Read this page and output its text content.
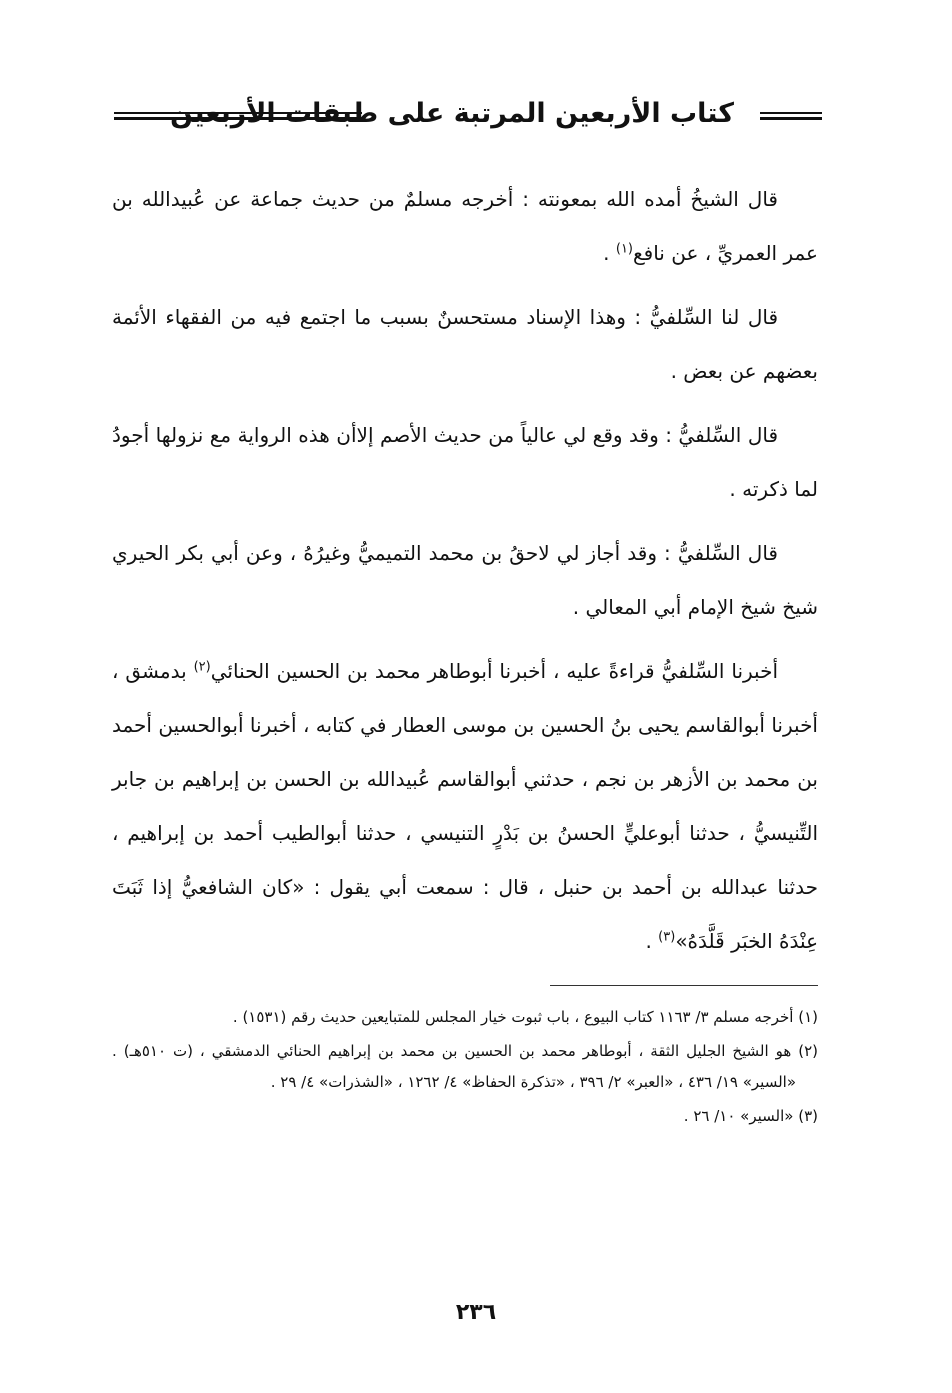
كتاب الأربعين المرتبة على طبقات الأربعين

قال الشيخُ أمده الله بمعونته : أخرجه مسلمٌ من حديث جماعة عن عُبيدالله بن عمر العمريِّ ، عن نافع$^{(١)}$ .

قال لنا السِّلفيُّ : وهذا الإسناد مستحسنٌ بسبب ما اجتمع فيه من الفقهاء الأئمة بعضهم عن بعض .

قال السِّلفيُّ : وقد وقع لي عالياً من حديث الأصم إلاأن هذه الرواية مع نزولها أجودُ لما ذكرته .

قال السِّلفيُّ : وقد أجاز لي لاحقُ بن محمد التميميُّ وغيرُهُ ، وعن أبي بكر الحيري شيخ شيخ الإمام أبي المعالي .

أخبرنا السِّلفيُّ قراءةً عليه ، أخبرنا أبوطاهر محمد بن الحسين الحنائي$^{(٢)}$ بدمشق ، أخبرنا أبوالقاسم يحيى بنُ الحسين بن موسى العطار في كتابه ، أخبرنا أبوالحسين أحمد بن محمد بن الأزهر بن نجم ، حدثني أبوالقاسم عُبيدالله بن الحسن بن إبراهيم بن جابر التِّنيسيُّ ، حدثنا أبوعليٍّ الحسنُ بن بَدْرٍ التنيسي ، حدثنا أبوالطيب أحمد بن إبراهيم ، حدثنا عبدالله بن أحمد بن حنبل ، قال : سمعت أبي يقول : «كان الشافعيُّ إذا ثَبَتَ عِنْدَهُ الخبَر قَلَّدَهُ»$^{(٣)}$ .

(١) أخرجه مسلم ٣/ ١١٦٣ كتاب البيوع ، باب ثبوت خيار المجلس للمتبايعين حديث رقم (١٥٣١) .

(٢) هو الشيخ الجليل الثقة ، أبوطاهر محمد بن الحسين بن محمد بن إبراهيم الحنائي الدمشقي ، (ت ٥١٠هـ) . «السير» ١٩/ ٤٣٦ ، «العبر» ٢/ ٣٩٦ ، «تذكرة الحفاظ» ٤/ ١٢٦٢ ، «الشذرات» ٤/ ٢٩ .

(٣) «السير» ١٠/ ٢٦ .

٢٣٦
